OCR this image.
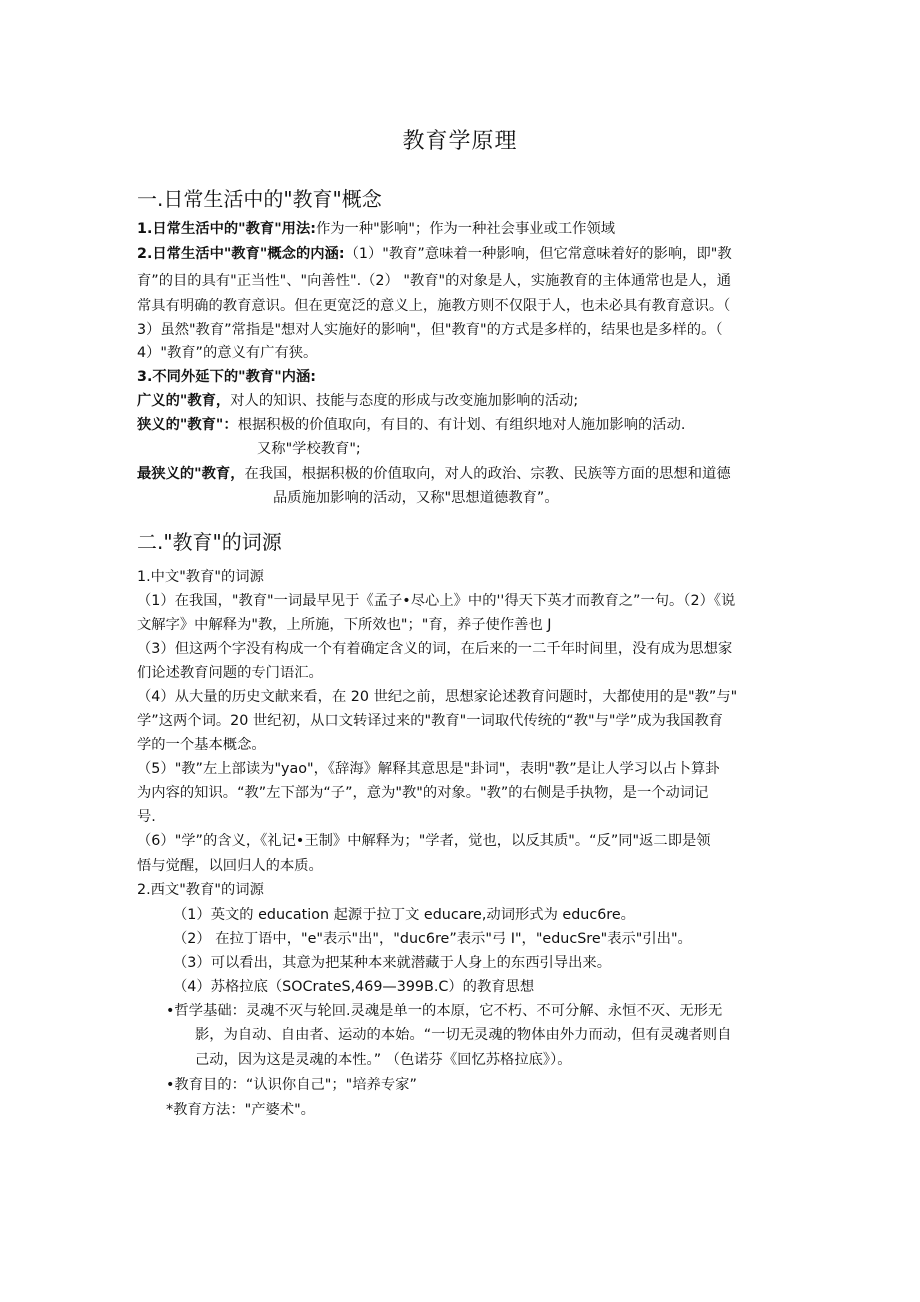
教育学原理
一.日常生活中的"教育"概念
1.日常生活中的"教育"用法:作为一种"影响"；作为一种社会事业或工作领域
2.日常生活中"教育"概念的内涵:（1）"教育”意味着一种影响，但它常意味着好的影响，即"教
育”的目的具有"正当性"、"向善性".（2） "教育"的对象是人，实施教育的主体通常也是人，通
常具有明确的教育意识。但在更宽泛的意义上，施教方则不仅限于人，也未必具有教育意识。（
3）虽然"教育”常指是"想对人实施好的影响"，但"教育"的方式是多样的，结果也是多样的。（
4）"教育”的意义有广有狭。
3.不同外延下的"教育"内涵:
广义的"教育，对人的知识、技能与态度的形成与改变施加影响的活动;
狭义的"教育"：根据积极的价值取向，有目的、有计划、有组织地对人施加影响的活动.
又称"学校教育";
最狭义的"教育，在我国，根据积极的价值取向，对人的政治、宗教、民族等方面的思想和道德
品质施加影响的活动，又称"思想道德教育”。
二."教育"的词源
1.中文"教育"的词源
（1）在我国，"教育"一词最早见于《孟子•尽心上》中的''得天下英才而教育之”一句。（2）《说
文解字》中解释为"教，上所施，下所效也"；"育，养子使作善也 J
（3）但这两个字没有构成一个有着确定含义的词，在后来的一二千年时间里，没有成为思想家
们论述教育问题的专门语汇。
（4）从大量的历史文献来看，在 20 世纪之前，思想家论述教育问题时，大都使用的是"教”与"
学”这两个词。20 世纪初，从口文转译过来的"教育"一词取代传统的“教"与"学”成为我国教育
学的一个基本概念。
（5）"教”左上部读为"yao"，《辞海》解释其意思是"卦词"，表明"教”是让人学习以占卜算卦
为内容的知识。“教”左下部为“子”，意为"教"的对象。"教”的右侧是手执物，是一个动词记
号.
（6）"学”的含义，《礼记•王制》中解释为；"学者，觉也，以反其质"。“反”同"返二即是领
悟与觉醒，以回归人的本质。
2.西文"教育"的词源
（1）英文的 education 起源于拉丁文 educare,动词形式为 educ6re。
（2） 在拉丁语中，"e"表示"出"，"duc6re”表示"弓 I"，"educSre"表示"引出"。
（3）可以看出，其意为把某种本来就潜藏于人身上的东西引导出来。
（4）苏格拉底（SOCrateS,469—399B.C）的教育思想
•哲学基础：灵魂不灭与轮回.灵魂是单一的本原，它不朽、不可分解、永恒不灭、无形无
影，为自动、自由者、运动的本始。“一切无灵魂的物体由外力而动，但有灵魂者则自
己动，因为这是灵魂的本性。” （色诺芬《回忆苏格拉底》）。
•教育目的：“认识你自己"；"培养专家”
*教育方法："产婆术"。
